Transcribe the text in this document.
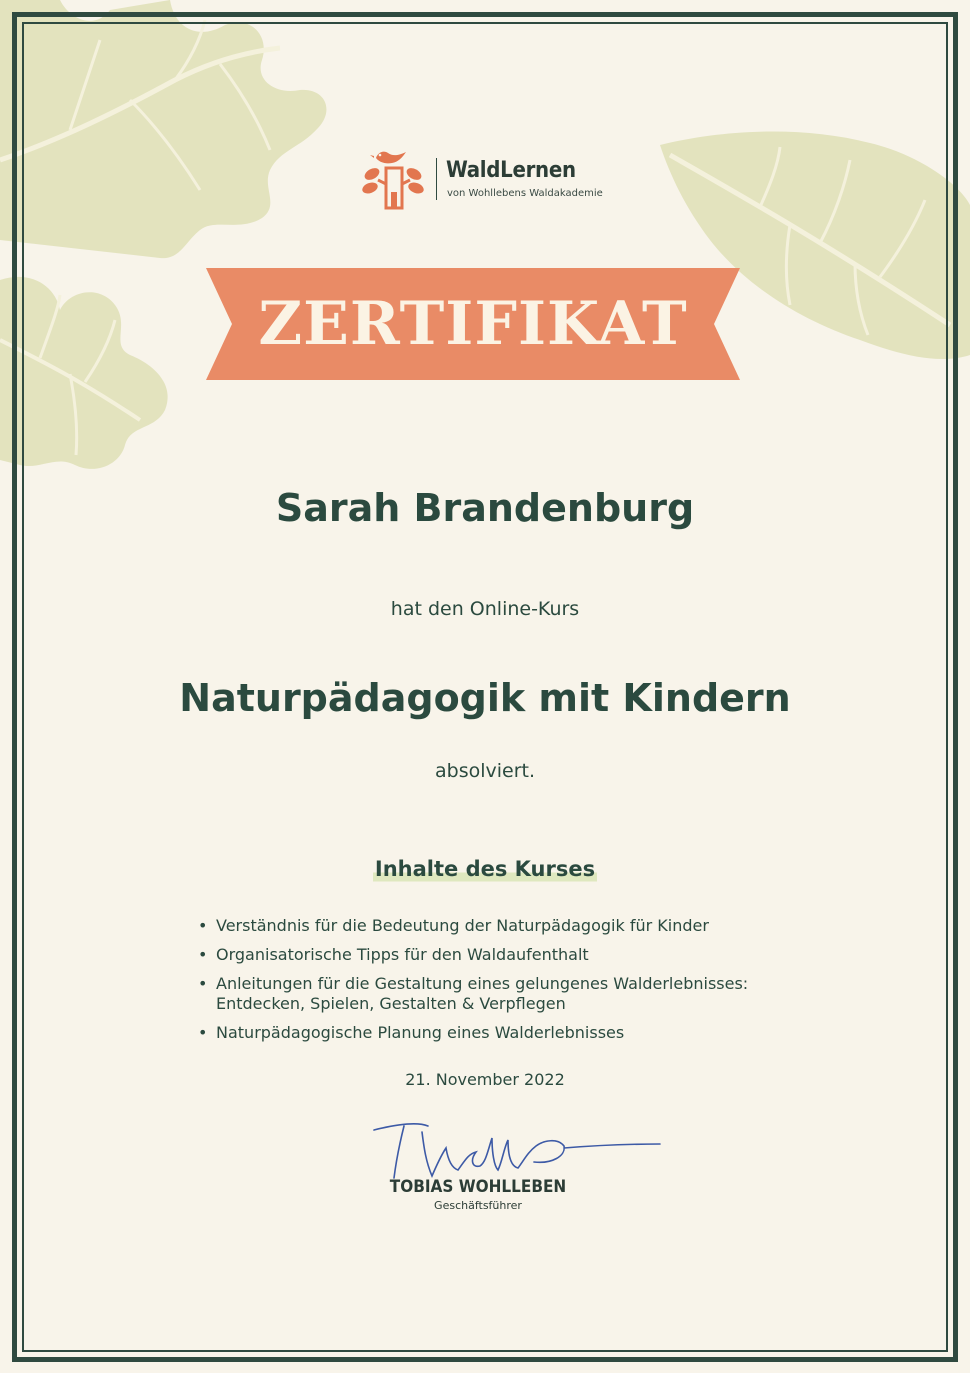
WaldLernen
von Wohllebens Waldakademie
ZERTIFIKAT
Sarah Brandenburg
hat den Online-Kurs
Naturpädagogik mit Kindern
absolviert.
Inhalte des Kurses
• Verständnis für die Bedeutung der Naturpädagogik für Kinder
• Organisatorische Tipps für den Waldaufenthalt
• Anleitungen für die Gestaltung eines gelungenes Walderlebnisses: Entdecken, Spielen, Gestalten & Verpflegen
• Naturpädagogische Planung eines Walderlebnisses
21. November 2022
TOBIAS WOHLLEBEN
Geschäftsführer
